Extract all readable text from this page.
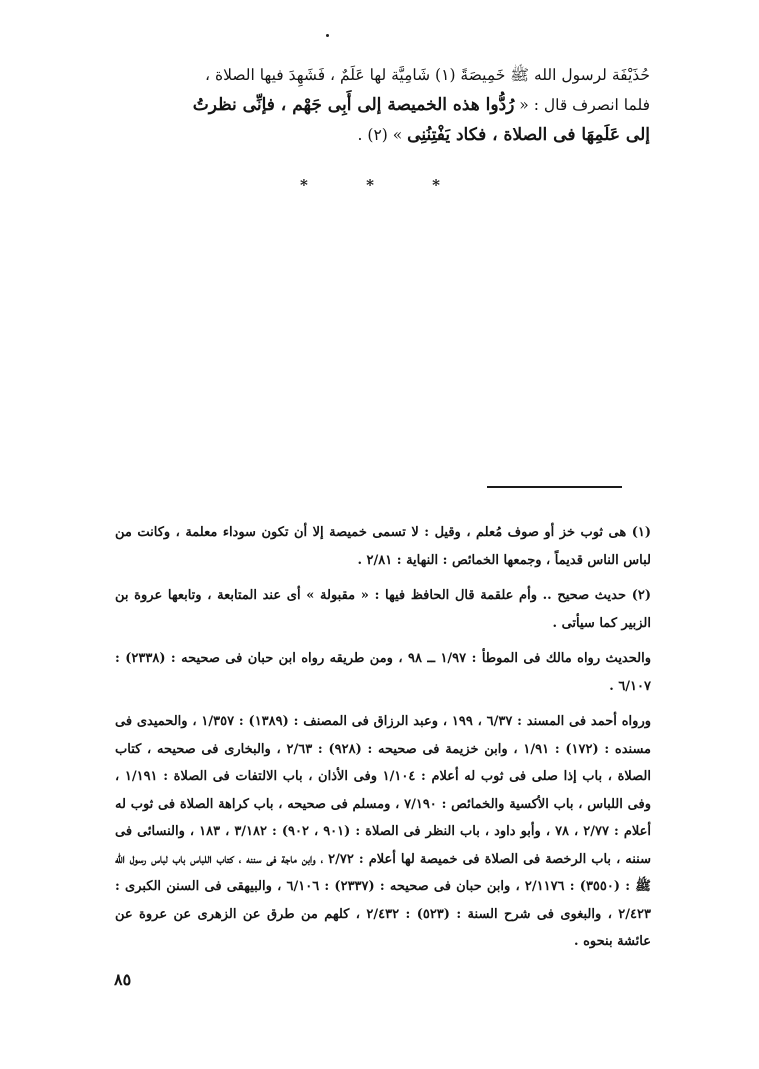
حُذَيْفَة لرسول الله ﷺ خَمِيصَةً (١) شَامِيَّة لها عَلَمٌ ، فَشَهِدَ فيها الصلاة ،

فلما انصرف قال : « رُدُّوا هذه الخميصة إلى أَبِى جَهْم ، فإنِّى نظرتُ

إلى عَلَمِهَا فى الصلاة ، فكاد يَفْتِنُنِى » (٢) .

*	*	*

(١) هى ثوب خز أو صوف مُعلم ، وقيل : لا تسمى خميصة إلا أن تكون سوداء معلمة ، وكانت من لباس الناس قديماً ، وجمعها الخمائص : النهاية : ٢/٨١ .

(٢) حديث صحيح .. وأم علقمة قال الحافظ فيها : « مقبولة » أى عند المتابعة ، وتابعها عروة بن الزبير كما سيأتى .

والحديث رواه مالك فى الموطأ : ١/٩٧ ــ ٩٨ ، ومن طريقه رواه ابن حبان فى صحيحه : (٢٣٣٨) : ٦/١٠٧ .

ورواه أحمد فى المسند : ٦/٣٧ ، ١٩٩ ، وعبد الرزاق فى المصنف : (١٣٨٩) : ١/٣٥٧ ، والحميدى فى مسنده : (١٧٢) : ١/٩١ ، وابن خزيمة فى صحيحه : (٩٢٨) : ٢/٦٣ ، والبخارى فى صحيحه ، كتاب الصلاة ، باب إذا صلى فى ثوب له أعلام : ١/١٠٤ وفى الأذان ، باب الالتفات فى الصلاة : ١/١٩١ ، وفى اللباس ، باب الأكسية والخمائص : ٧/١٩٠ ، ومسلم فى صحيحه ، باب كراهة الصلاة فى ثوب له أعلام : ٢/٧٧ ، ٧٨ ، وأبو داود ، باب النظر فى الصلاة : (٩٠١ ، ٩٠٢) : ٣/١٨٢ ، ١٨٣ ، والنسائى فى سننه ، باب الرخصة فى الصلاة فى خميصة لها أعلام : ٢/٧٢ ، وابن ماجة فى سننه ، كتاب اللباس باب لباس رسول الله ﷺ : (٣٥٥٠) : ٢/١١٧٦ ، وابن حبان فى صحيحه : (٢٣٣٧) : ٦/١٠٦ ، والبيهقى فى السنن الكبرى : ٢/٤٢٣ ، والبغوى فى شرح السنة : (٥٢٣) : ٢/٤٣٢ ، كلهم من طرق عن الزهرى عن عروة عن عائشة بنحوه .

٨٥
